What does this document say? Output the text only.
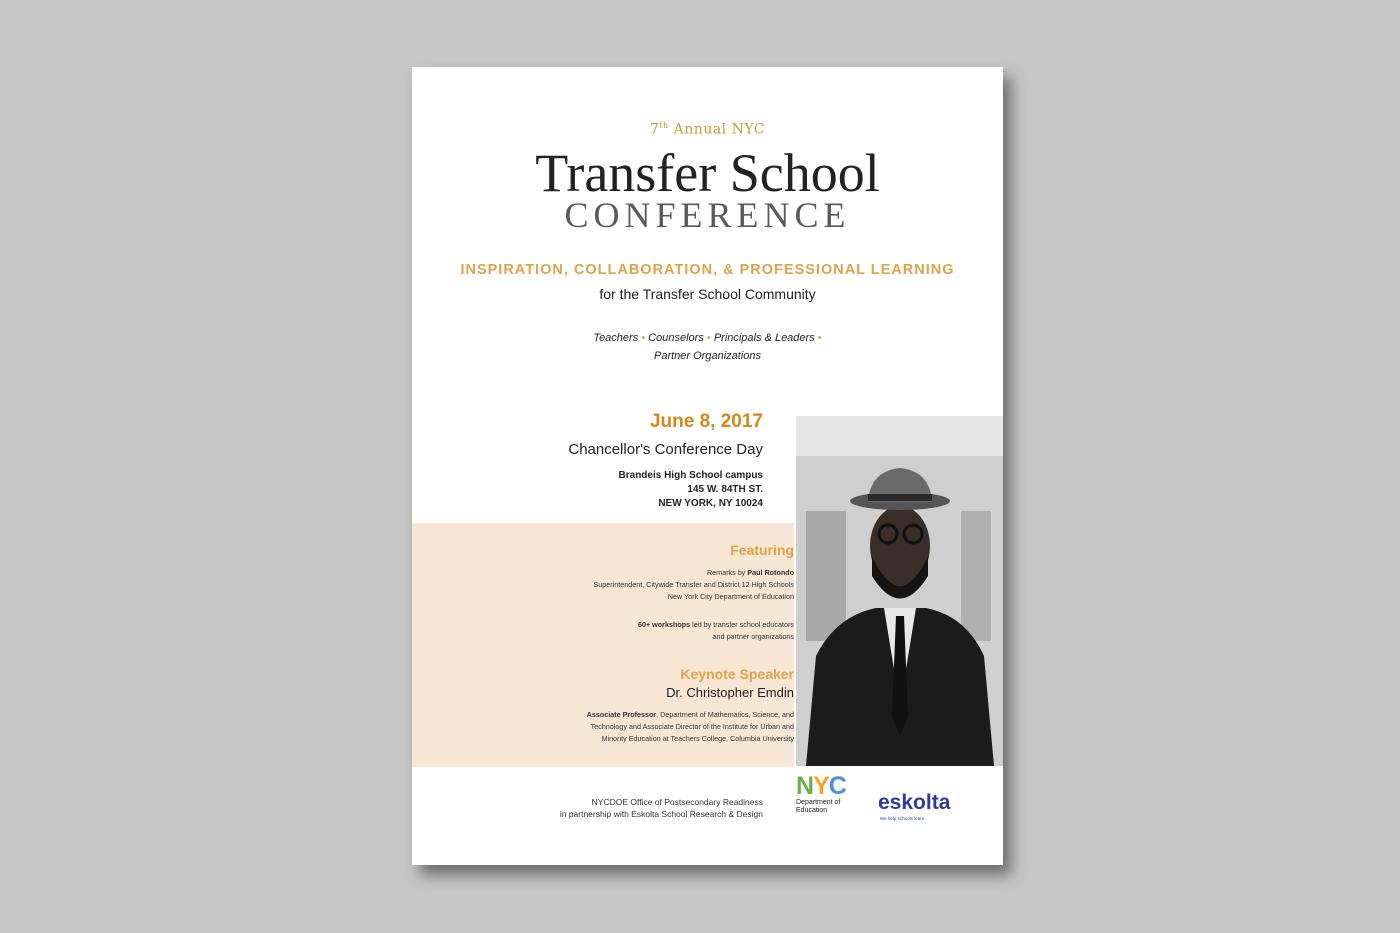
7th Annual NYC
Transfer School
CONFERENCE
INSPIRATION, COLLABORATION, & PROFESSIONAL LEARNING
for the Transfer School Community
Teachers • Counselors • Principals & Leaders •
Partner Organizations
June 8, 2017
Chancellor's Conference Day
Brandeis High School campus
145 W. 84TH ST.
NEW YORK, NY 10024
Featuring
Remarks by Paul Rotondo
Superintendent, Citywide Transfer and District 12 High Schools
New York City Department of Education
60+ workshops led by transfer school educators
and partner organizations
Keynote Speaker
Dr. Christopher Emdin
Associate Professor, Department of Mathematics, Science, and
Technology and Associate Director of the Institute for Urban and
Minority Education at Teachers College, Columbia University
NYCDOE Office of Postsecondary Readiness
in partnership with Eskolta School Research & Design
NYC
Department of
Education	eskolta
We help schools learn
